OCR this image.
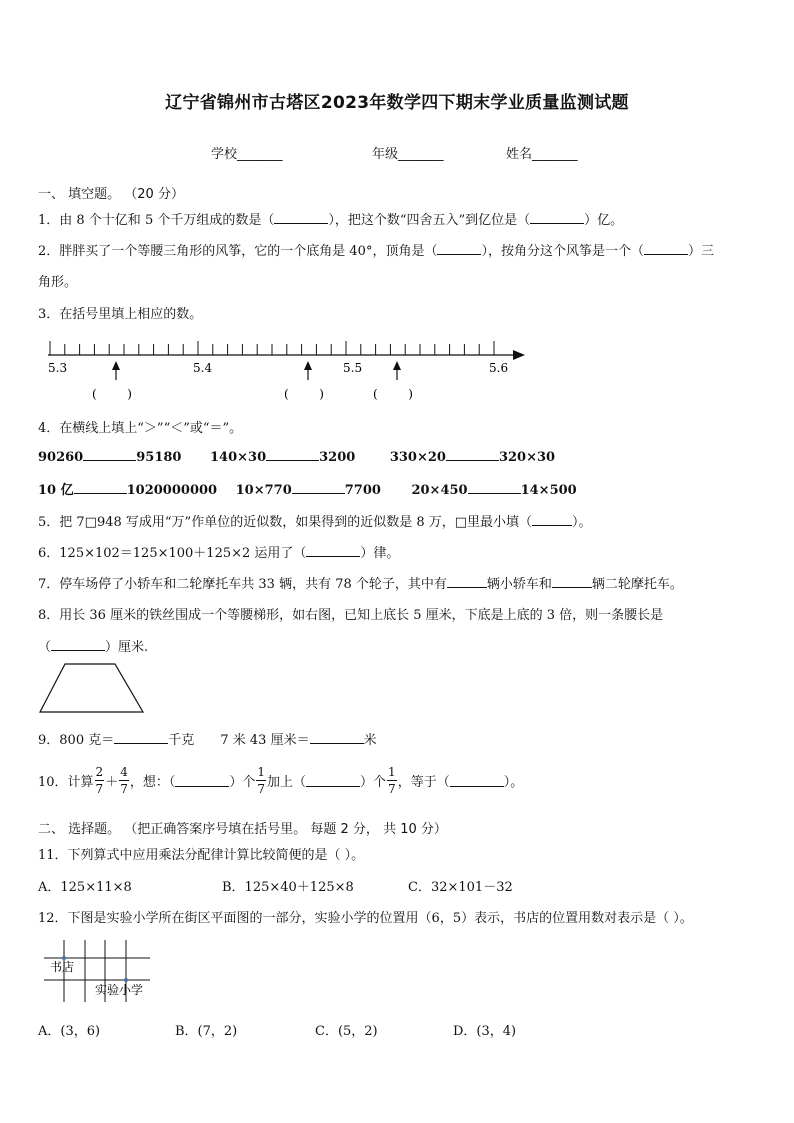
辽宁省锦州市古塔区2023年数学四下期末学业质量监测试题
学校_______	年级_______	姓名_______
一、 填空题。 （20 分）
1．由 8 个十亿和 5 个千万组成的数是（	），把这个数“四舍五入”到亿位是（	）亿。
2．胖胖买了一个等腰三角形的风筝，它的一个底角是 40°，顶角是（	），按角分这个风筝是一个（	）三
角形。
3．在括号里填上相应的数。
5.3	5.4	5.5	5.6
(        )	(        )	(        )
4．在横线上填上“＞”“＜”或“＝”。
90260	95180 140×30	3200	330×20	320×30
10 亿	1020000000 10×770	7700 20×450	14×500
5．把 7□948 写成用“万”作单位的近似数，如果得到的近似数是 8 万，□里最小填（	）。
6．125×102＝125×100＋125×2 运用了（	）律。
7．停车场停了小轿车和二轮摩托车共 33 辆，共有 78 个轮子，其中有	辆小轿车和	辆二轮摩托车。
8．用长 36 厘米的铁丝围成一个等腰梯形，如右图，已知上底长 5 厘米，下底是上底的 3 倍，则一条腰长是
（	）厘米.
9．800 克＝	千克 7 米 43 厘米＝	米
10．计算 $\frac{2}{7} + \frac{4}{7}$ ，想：（	）个 $\frac{1}{7}$ 加上（	）个 $\frac{1}{7}$ ，等于（	）。
二、 选择题。 （把正确答案序号填在括号里。 每题 2 分， 共 10 分）
11．下列算式中应用乘法分配律计算比较简便的是（ ）。
A．125×11×8	B．125×40＋125×8	C．32×101－32
12．下图是实验小学所在街区平面图的一部分，实验小学的位置用（6，5）表示，书店的位置用数对表示是（ ）。
书店
实验小学
A．(3，6)	B．(7，2)	C．(5，2)	D．(3，4)
